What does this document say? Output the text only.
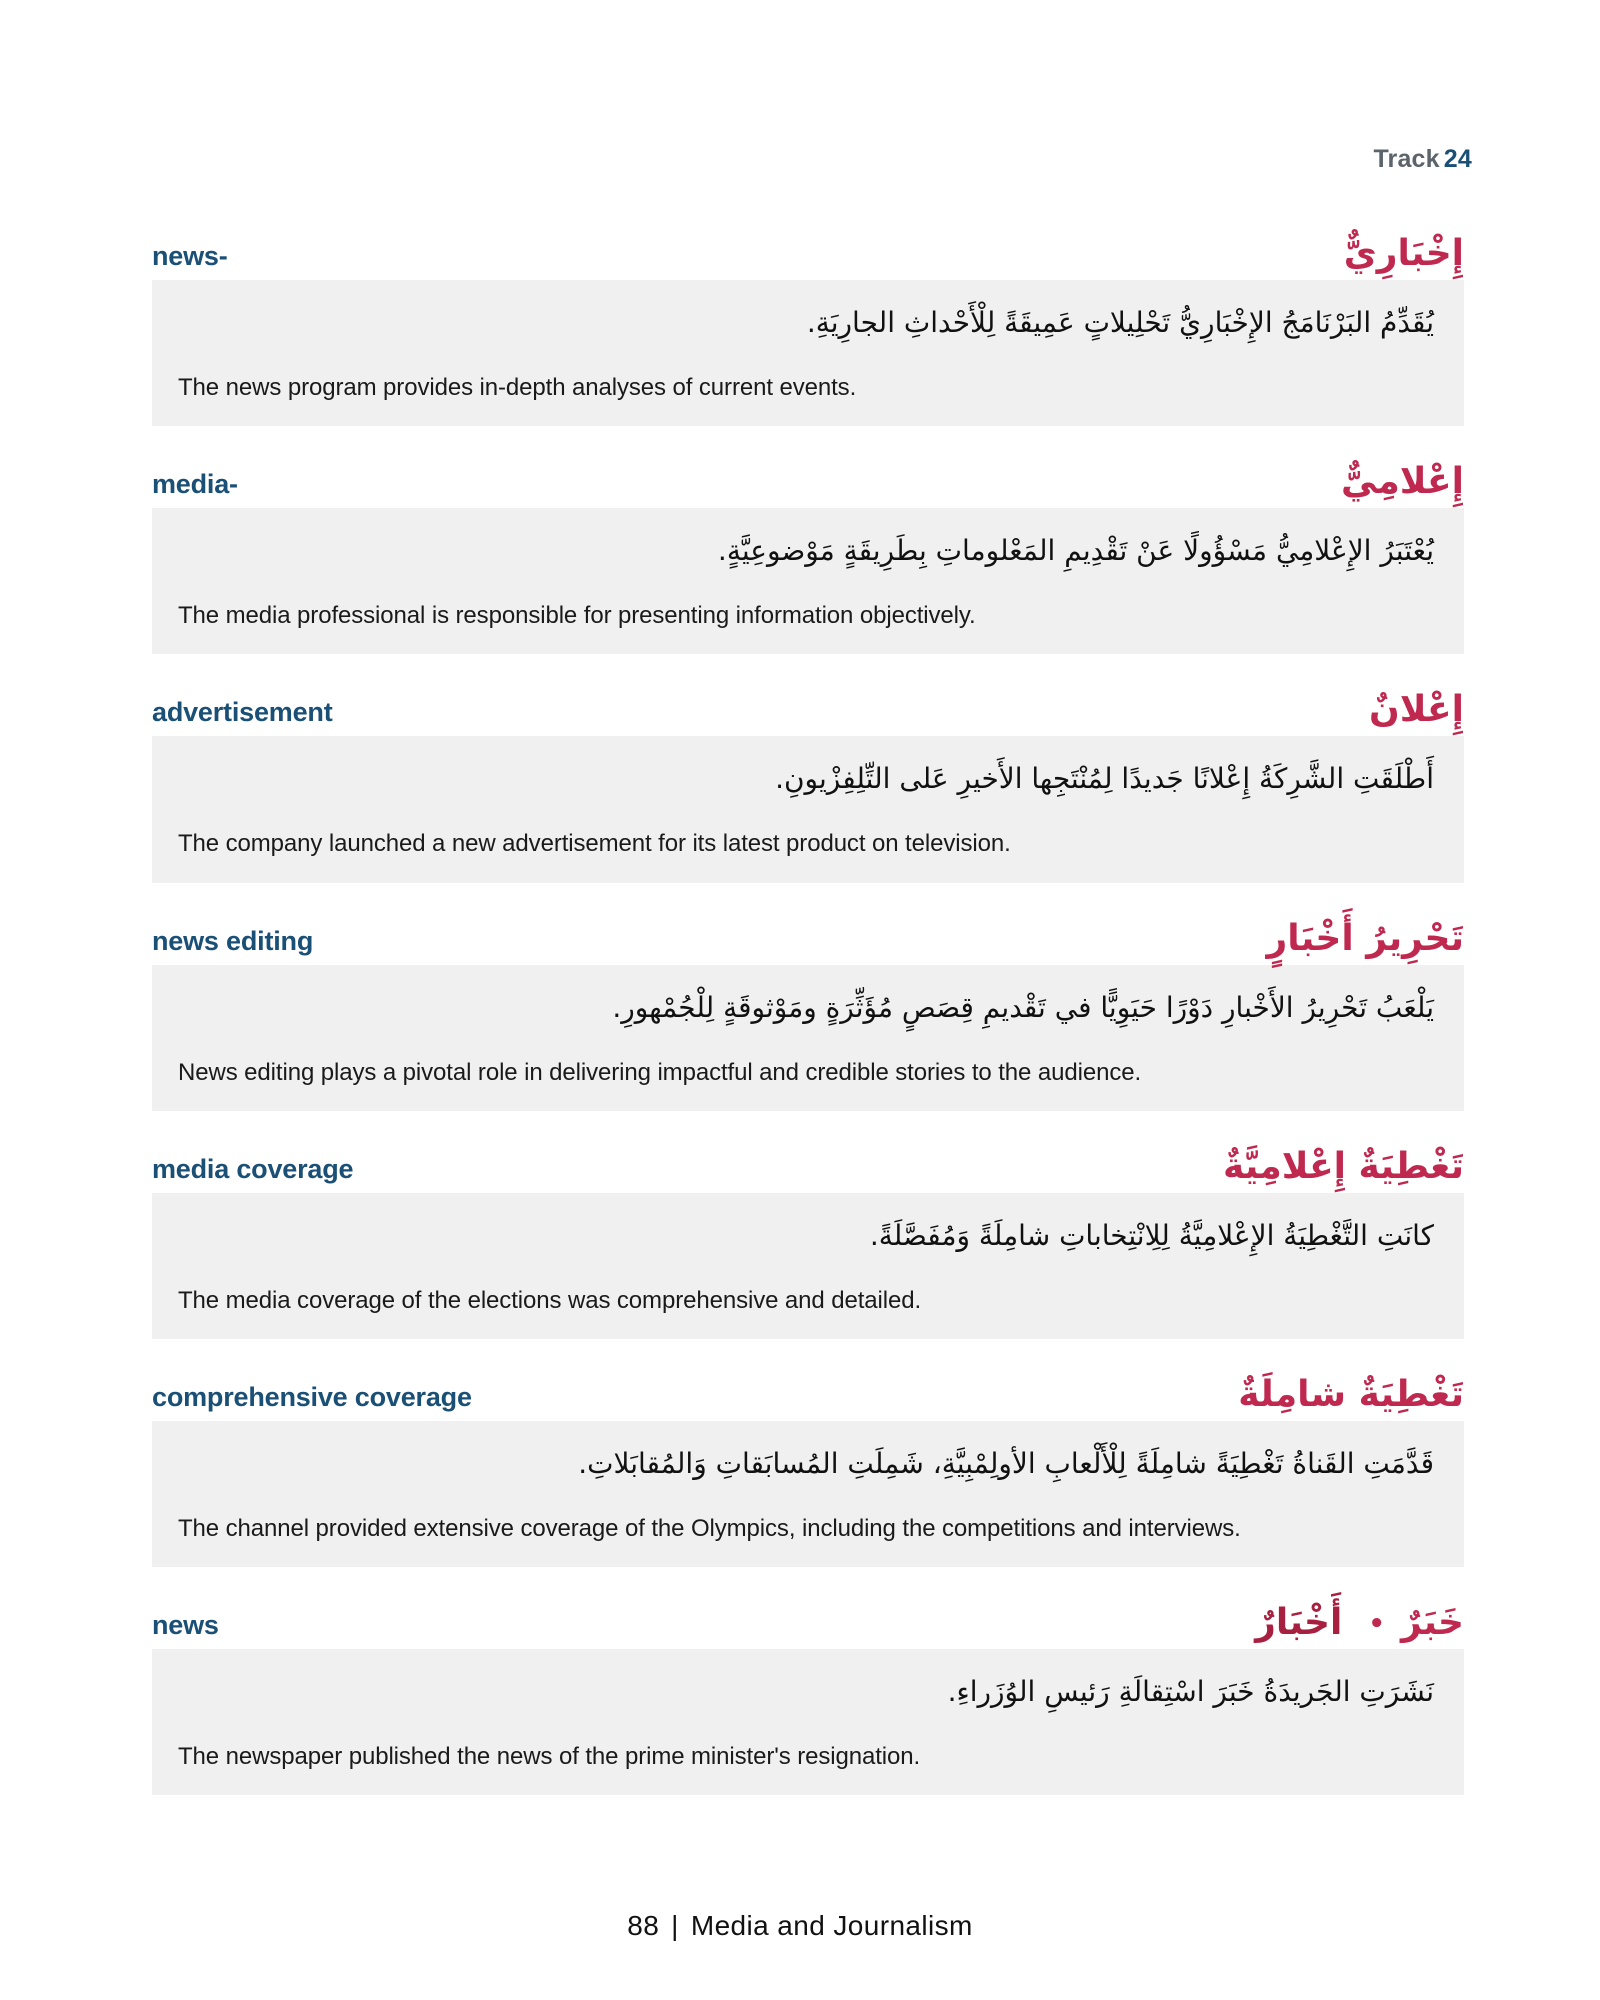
Track 24
news-	إِخْبَارِيٌّ
يُقَدِّمُ البَرْنَامَجُ الإِخْبَارِيُّ تَحْلِيلاتٍ عَمِيقَةً لِلْأَحْداثِ الجارِيَةِ.
The news program provides in-depth analyses of current events.
media-	إِعْلامِيٌّ
يُعْتَبَرُ الإِعْلامِيُّ مَسْؤُولًا عَنْ تَقْدِيمِ المَعْلوماتِ بِطَرِيقَةٍ مَوْضوعِيَّةٍ.
The media professional is responsible for presenting information objectively.
advertisement	إِعْلانٌ
أَطْلَقَتِ الشَّرِكَةُ إِعْلانًا جَديدًا لِمُنْتَجِها الأَخيرِ عَلى التِّلِفِزْيونِ.
The company launched a new advertisement for its latest product on television.
news editing	تَحْرِيرُ أَخْبَارٍ
يَلْعَبُ تَحْرِيرُ الأَخْبارِ دَوْرًا حَيَوِيًّا في تَقْديمِ قِصَصٍ مُؤَثِّرَةٍ ومَوْثوقَةٍ لِلْجُمْهورِ.
News editing plays a pivotal role in delivering impactful and credible stories to the audience.
media coverage	تَغْطِيَةٌ إِعْلامِيَّةٌ
كانَتِ التَّغْطِيَةُ الإِعْلامِيَّةُ لِلِانْتِخاباتِ شامِلَةً وَمُفَصَّلَةً.
The media coverage of the elections was comprehensive and detailed.
comprehensive coverage	تَغْطِيَةٌ شامِلَةٌ
قَدَّمَتِ القَناةُ تَغْطِيَةً شامِلَةً لِلْأَلْعابِ الأولِمْبِيَّةِ، شَمِلَتِ المُسابَقاتِ وَالمُقابَلاتِ.
The channel provided extensive coverage of the Olympics, including the competitions and interviews.
news	خَبَرٌ•أَخْبَارٌ
نَشَرَتِ الجَريدَةُ خَبَرَ اسْتِقالَةِ رَئيسِ الوُزَراءِ.
The newspaper published the news of the prime minister's resignation.
88 | Media and Journalism
